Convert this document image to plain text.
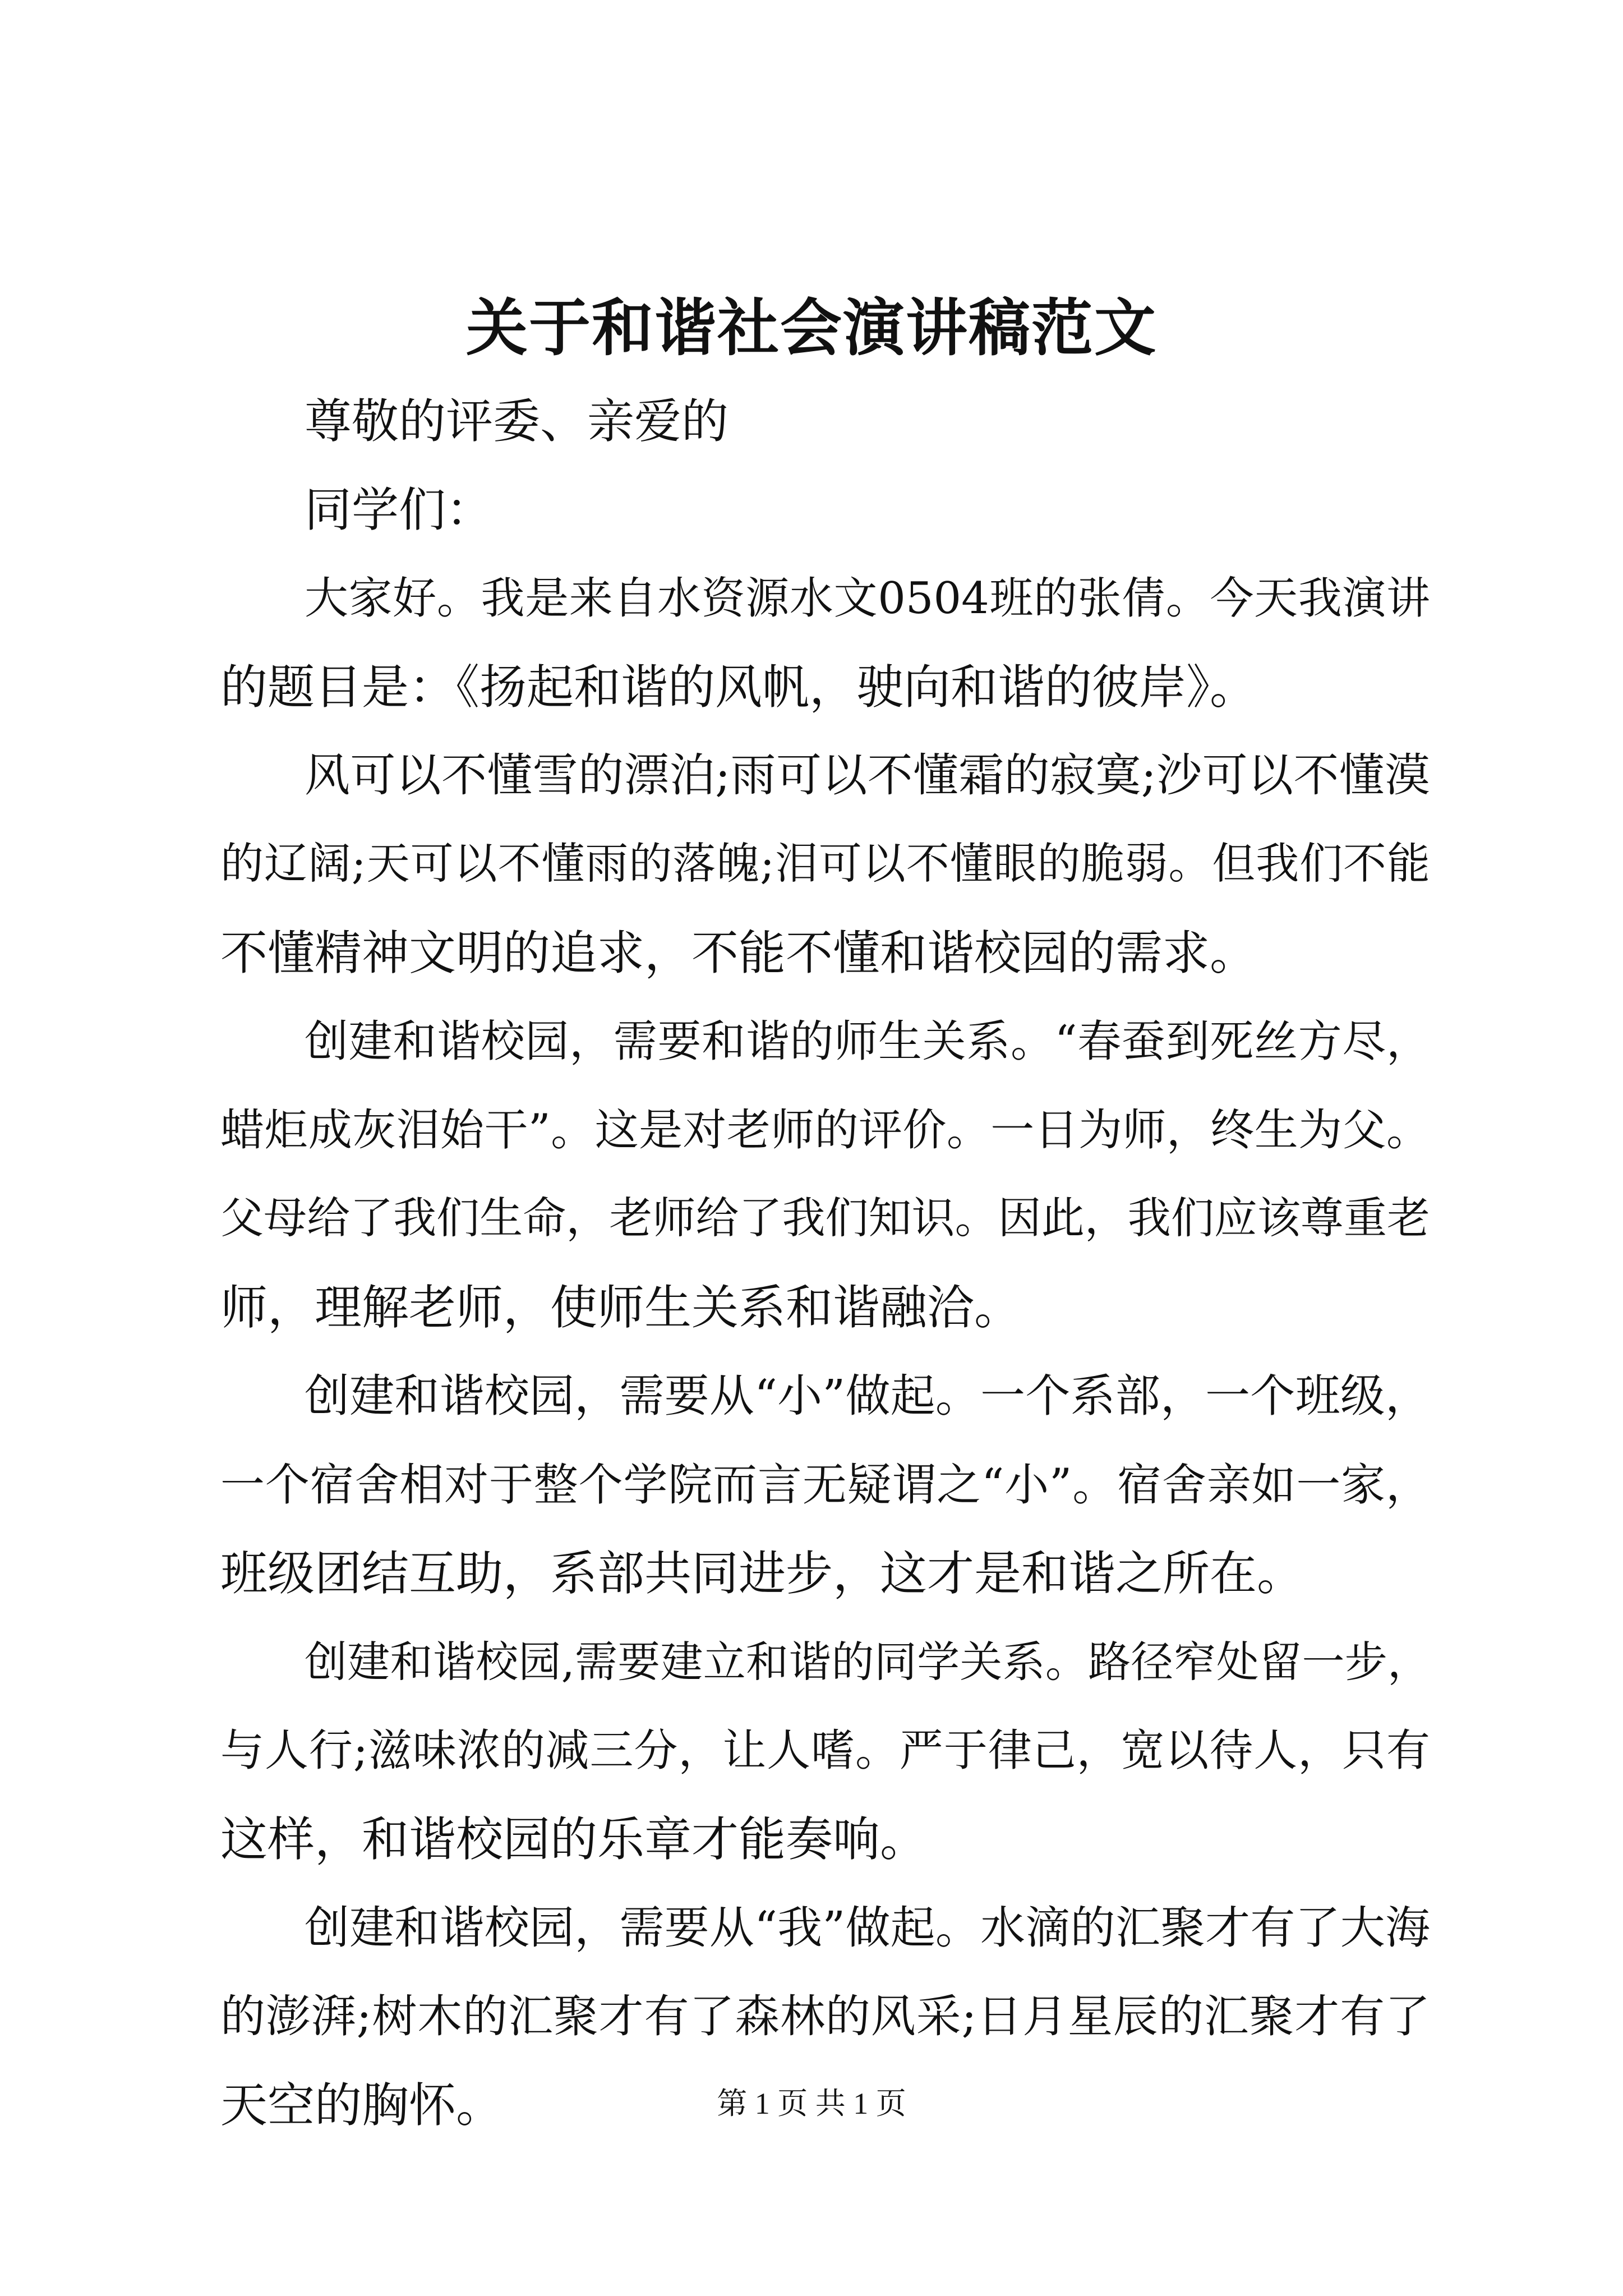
关于和谐社会演讲稿范文
尊敬的评委、亲爱的
同学们：
大家好。我是来自水资源水文0504班的张倩。今天我演讲
的题目是：《扬起和谐的风帆，驶向和谐的彼岸》。
风可以不懂雪的漂泊;雨可以不懂霜的寂寞;沙可以不懂漠
的辽阔;天可以不懂雨的落魄;泪可以不懂眼的脆弱。但我们不能
不懂精神文明的追求，不能不懂和谐校园的需求。
创建和谐校园，需要和谐的师生关系。“春蚕到死丝方尽，
蜡炬成灰泪始干”。这是对老师的评价。一日为师，终生为父。
父母给了我们生命，老师给了我们知识。因此，我们应该尊重老
师，理解老师，使师生关系和谐融洽。
创建和谐校园，需要从“小”做起。一个系部，一个班级，
一个宿舍相对于整个学院而言无疑谓之“小”。宿舍亲如一家，
班级团结互助，系部共同进步，这才是和谐之所在。
创建和谐校园,需要建立和谐的同学关系。路径窄处留一步，
与人行;滋味浓的减三分，让人嗜。严于律己，宽以待人，只有
这样，和谐校园的乐章才能奏响。
创建和谐校园，需要从“我”做起。水滴的汇聚才有了大海
的澎湃;树木的汇聚才有了森林的风采;日月星辰的汇聚才有了
天空的胸怀。	第 1 页 共 1 页
